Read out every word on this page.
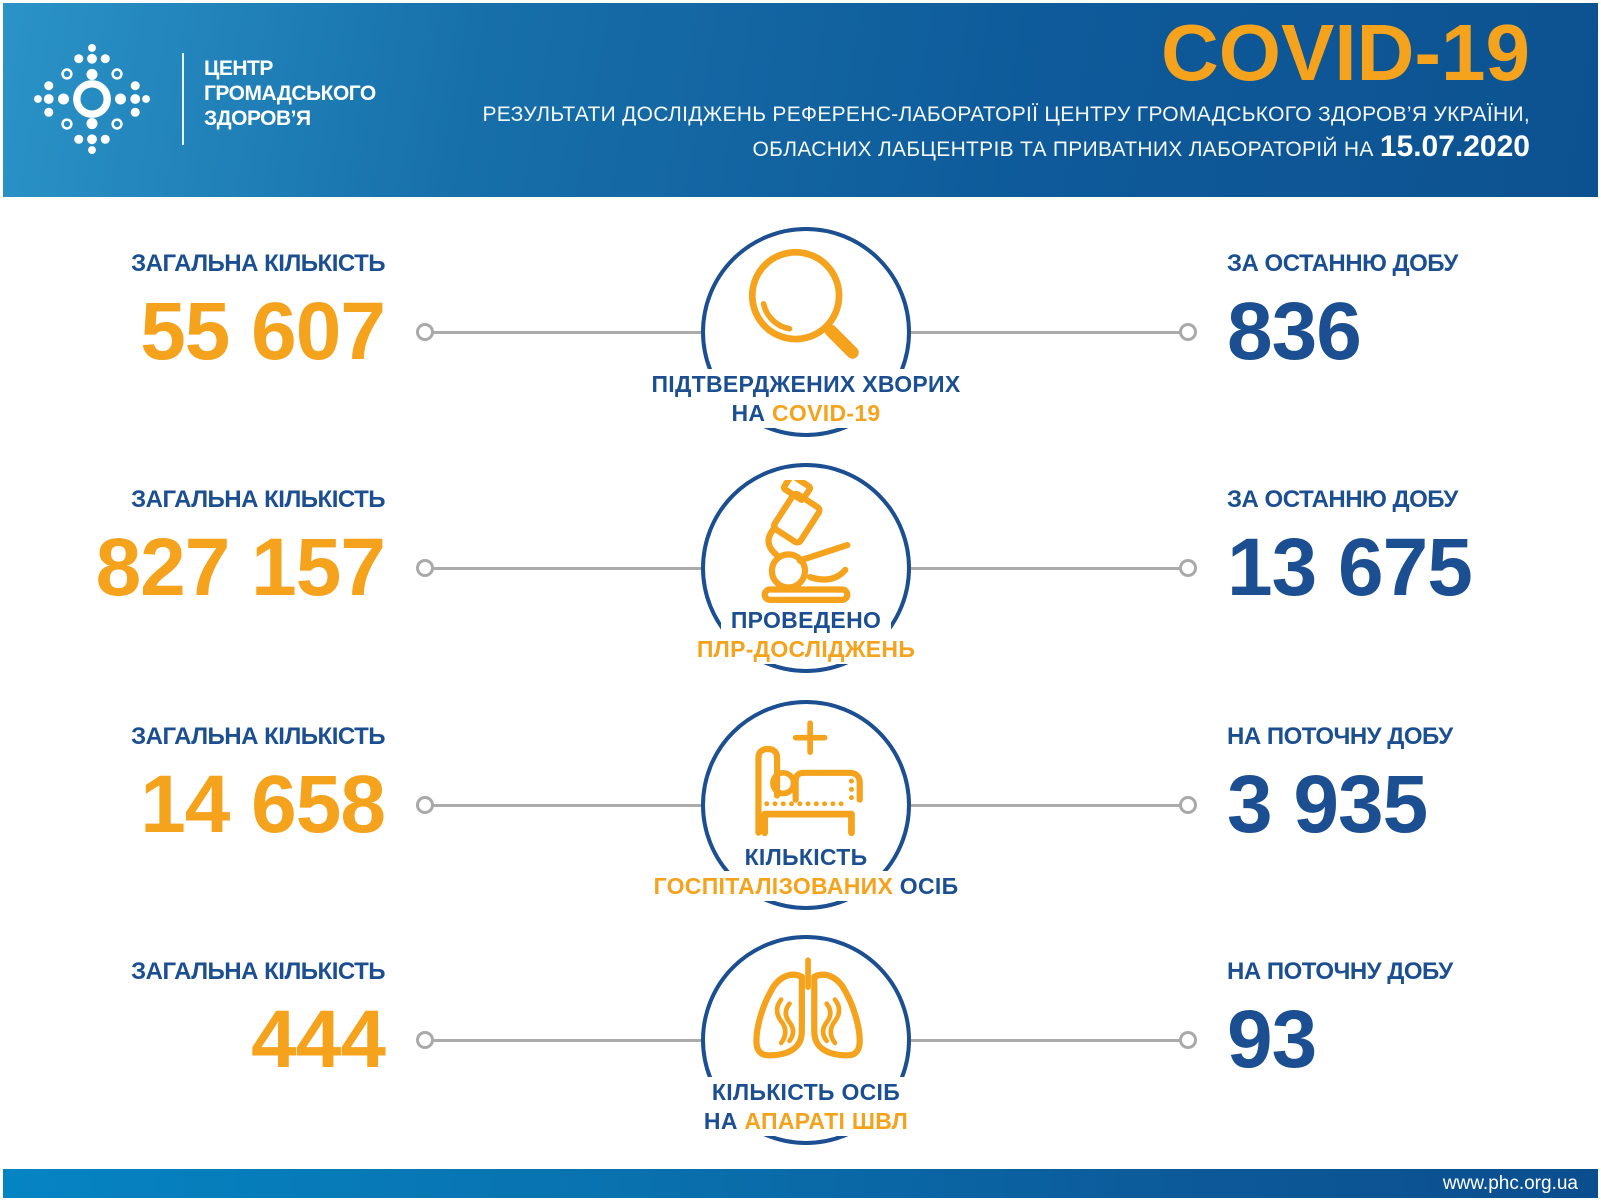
ЦЕНТР
ГРОМАДСЬКОГО
ЗДОРОВ’Я
COVID-19
РЕЗУЛЬТАТИ ДОСЛІДЖЕНЬ РЕФЕРЕНС-ЛАБОРАТОРІЇ ЦЕНТРУ ГРОМАДСЬКОГО ЗДОРОВ’Я УКРАЇНИ,
ОБЛАСНИХ ЛАБЦЕНТРІВ ТА ПРИВАТНИХ ЛАБОРАТОРІЙ НА 15.07.2020
ЗАГАЛЬНА КІЛЬКІСТЬ
55 607
ПІДТВЕРДЖЕНИХ ХВОРИХ
НА COVID-19
ЗА ОСТАННЮ ДОБУ
836
ЗАГАЛЬНА КІЛЬКІСТЬ
827 157
ПРОВЕДЕНО
ПЛР-ДОСЛІДЖЕНЬ
ЗА ОСТАННЮ ДОБУ
13 675
ЗАГАЛЬНА КІЛЬКІСТЬ
14 658
КІЛЬКІСТЬ
ГОСПІТАЛІЗОВАНИХ ОСІБ
НА ПОТОЧНУ ДОБУ
3 935
ЗАГАЛЬНА КІЛЬКІСТЬ
444
КІЛЬКІСТЬ ОСІБ
НА АПАРАТІ ШВЛ
НА ПОТОЧНУ ДОБУ
93
www.phc.org.ua
